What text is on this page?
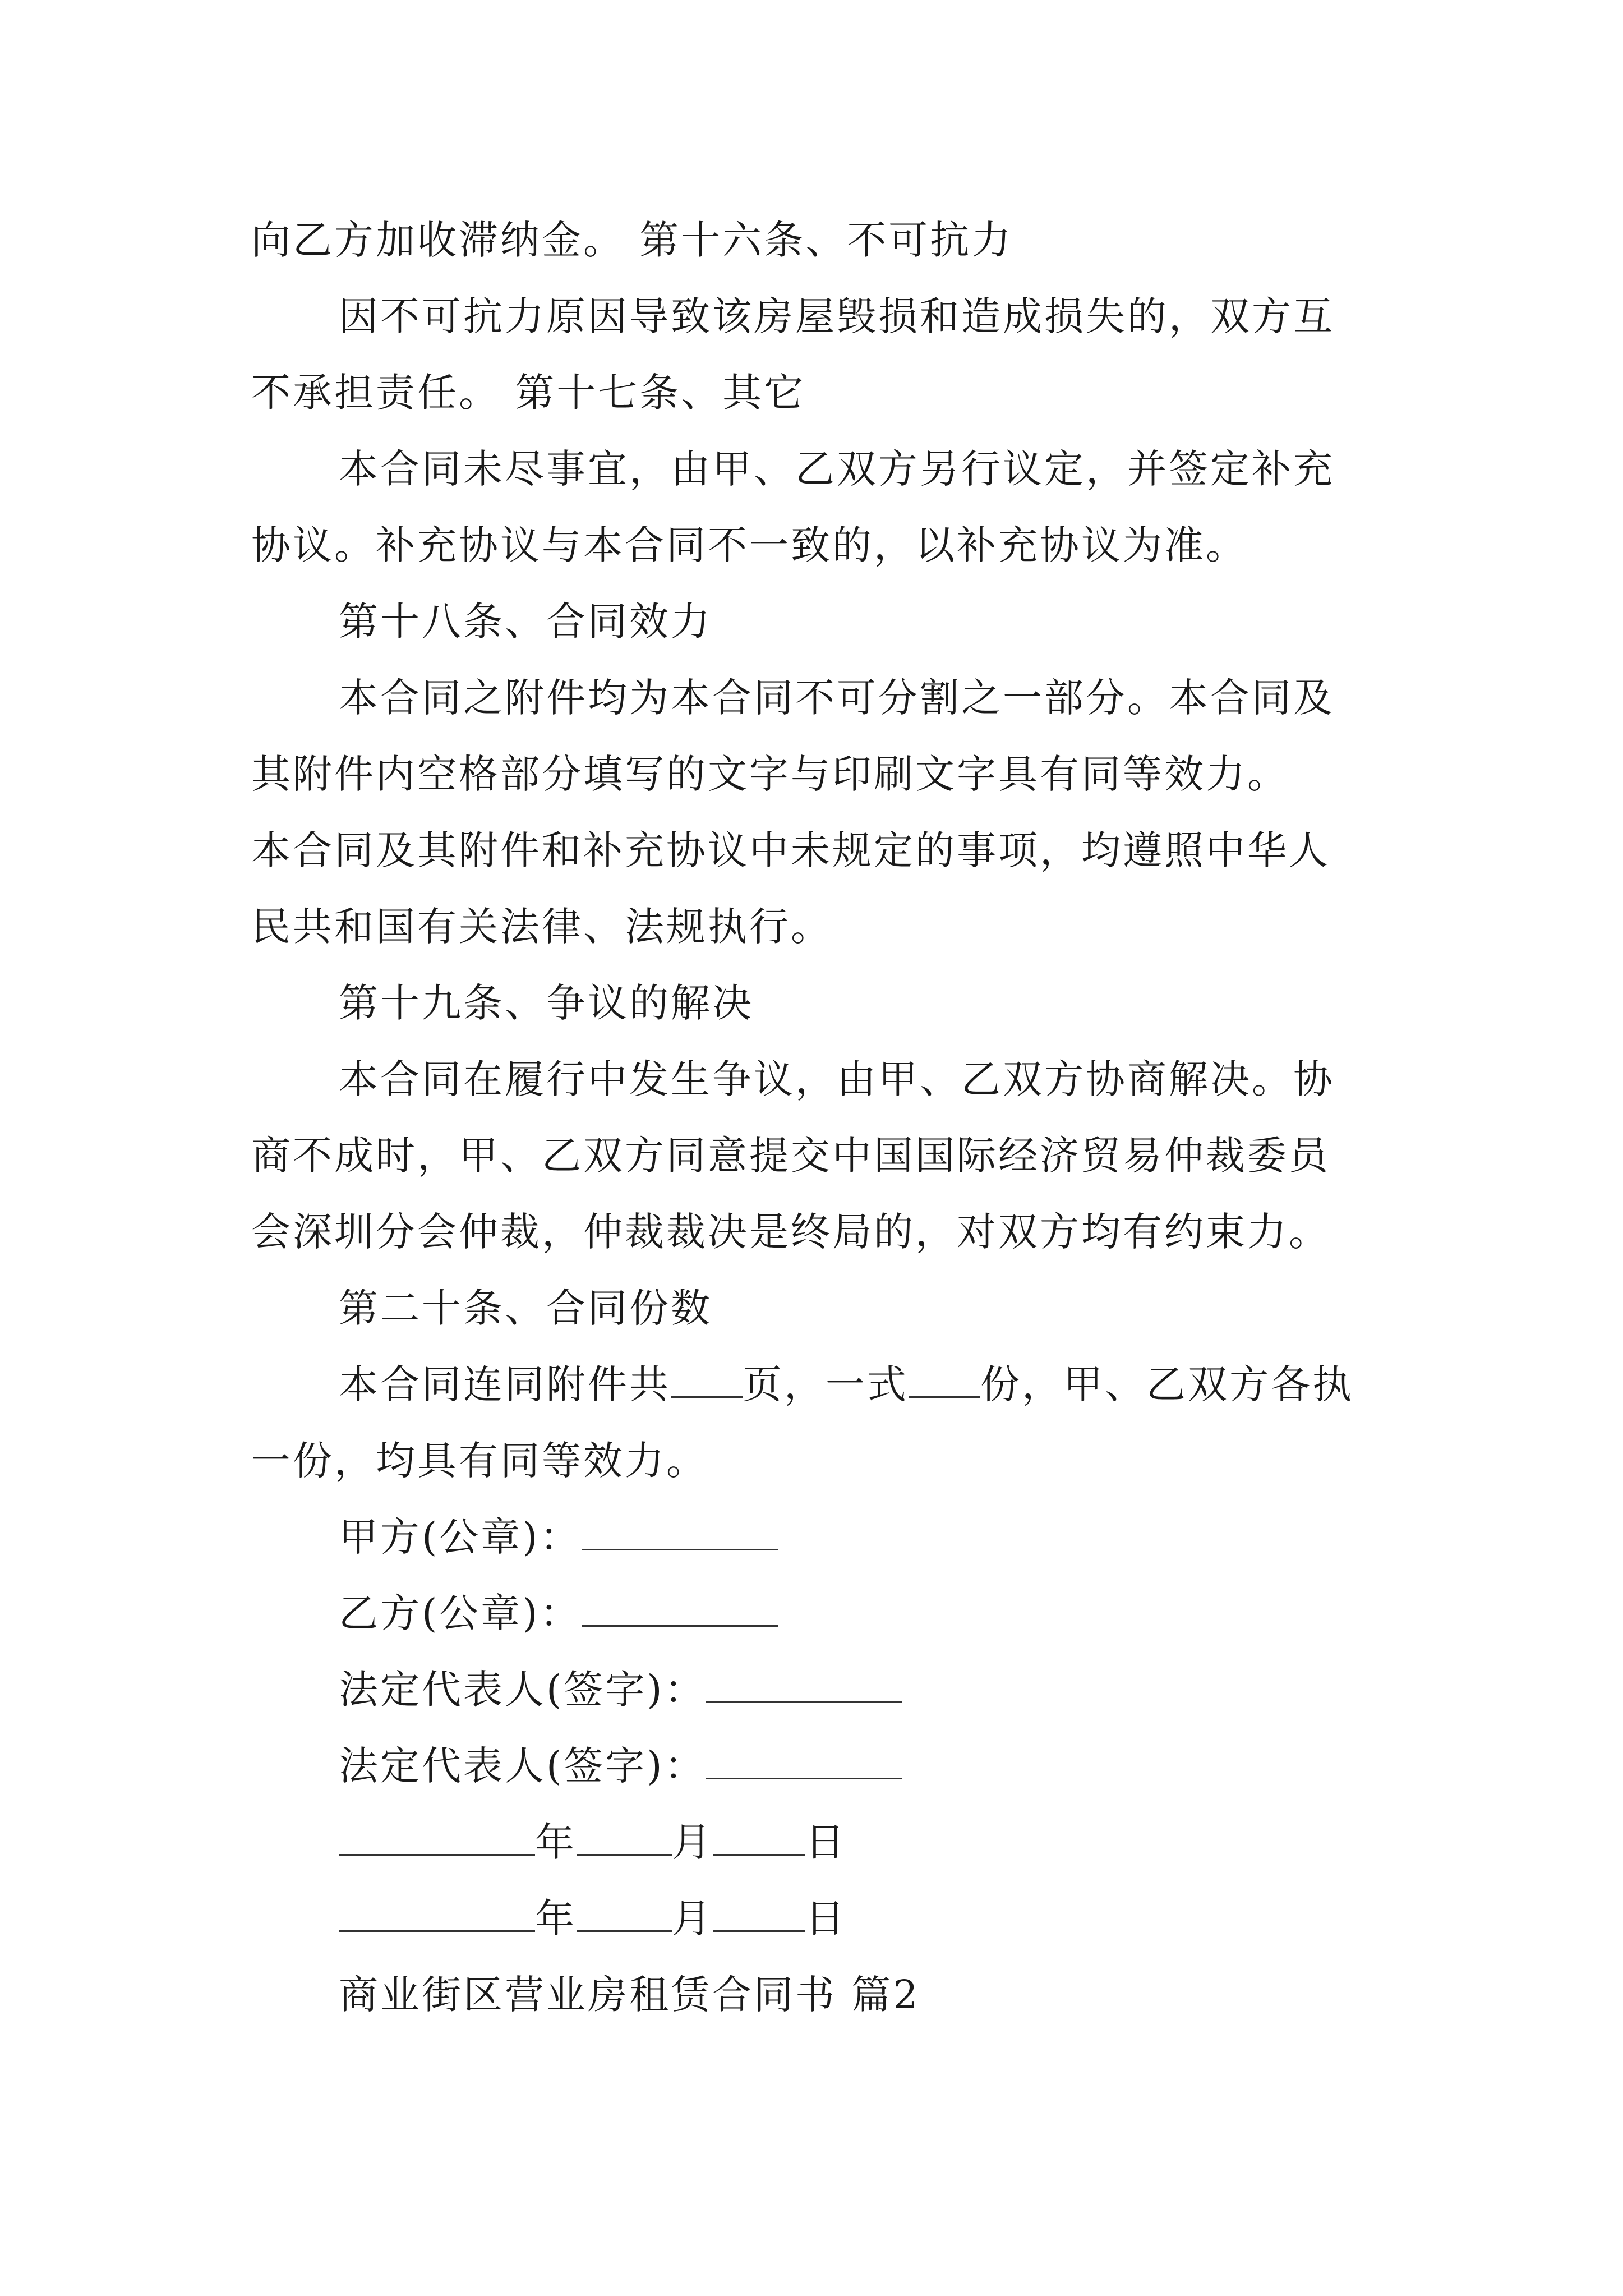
向乙方加收滞纳金。 第十六条、不可抗力
因不可抗力原因导致该房屋毁损和造成损失的，双方互
不承担责任。 第十七条、其它
本合同未尽事宜，由甲、乙双方另行议定，并签定补充
协议。补充协议与本合同不一致的，以补充协议为准。
第十八条、合同效力
本合同之附件均为本合同不可分割之一部分。本合同及
其附件内空格部分填写的文字与印刷文字具有同等效力。
本合同及其附件和补充协议中未规定的事项，均遵照中华人
民共和国有关法律、法规执行。
第十九条、争议的解决
本合同在履行中发生争议，由甲、乙双方协商解决。协
商不成时，甲、乙双方同意提交中国国际经济贸易仲裁委员
会深圳分会仲裁，仲裁裁决是终局的，对双方均有约束力。
第二十条、合同份数
本合同连同附件共 页，一式 份，甲、乙双方各执
一份，均具有同等效力。
甲方(公章)：
乙方(公章)：
法定代表人(签字)：
法定代表人(签字)：
年 月 日
年 月 日
商业街区营业房租赁合同书 篇2
